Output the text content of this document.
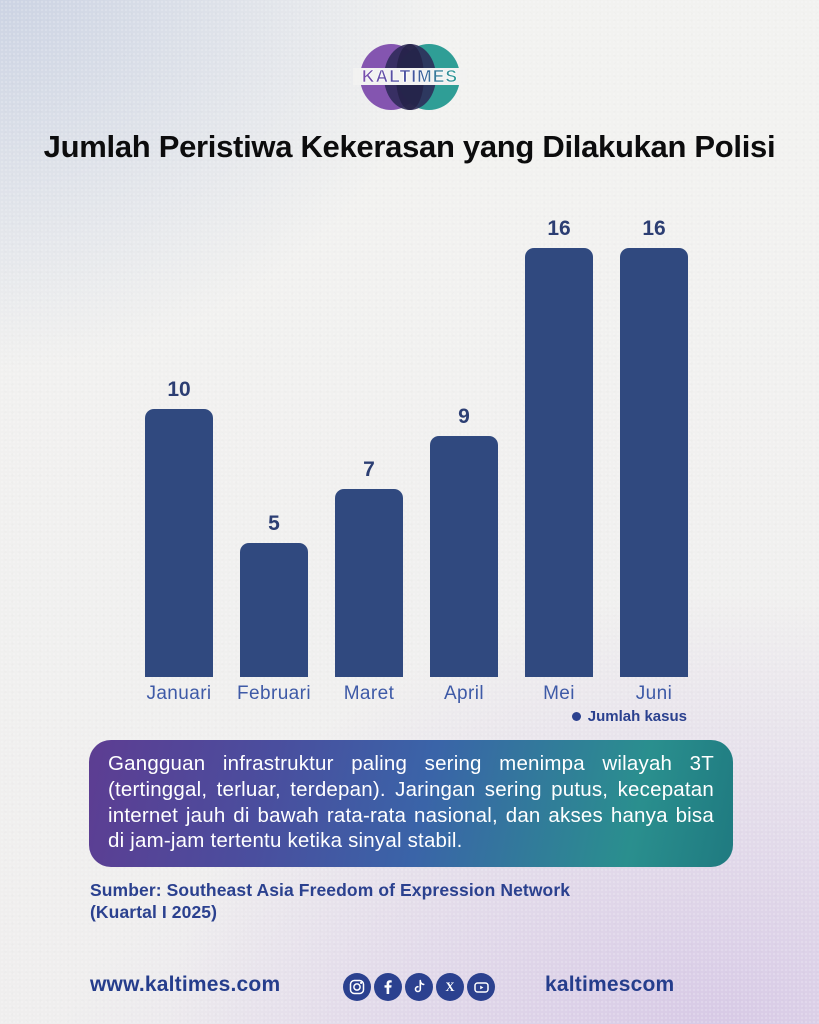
KALTIMES
Jumlah Peristiwa Kekerasan yang Dilakukan Polisi
10
5
7
9
16	16
Januari Februari	Maret	April	Mei	Juni
Jumlah kasus
Gangguan infrastruktur paling sering menimpa wilayah 3T (tertinggal, terluar, terdepan). Jaringan sering putus, kecepatan internet jauh di bawah rata-rata nasional, dan akses hanya bisa di jam-jam tertentu ketika sinyal stabil.
Sumber: Southeast Asia Freedom of Expression Network
(Kuartal I 2025)
www.kaltimes.com	X	kaltimescom
